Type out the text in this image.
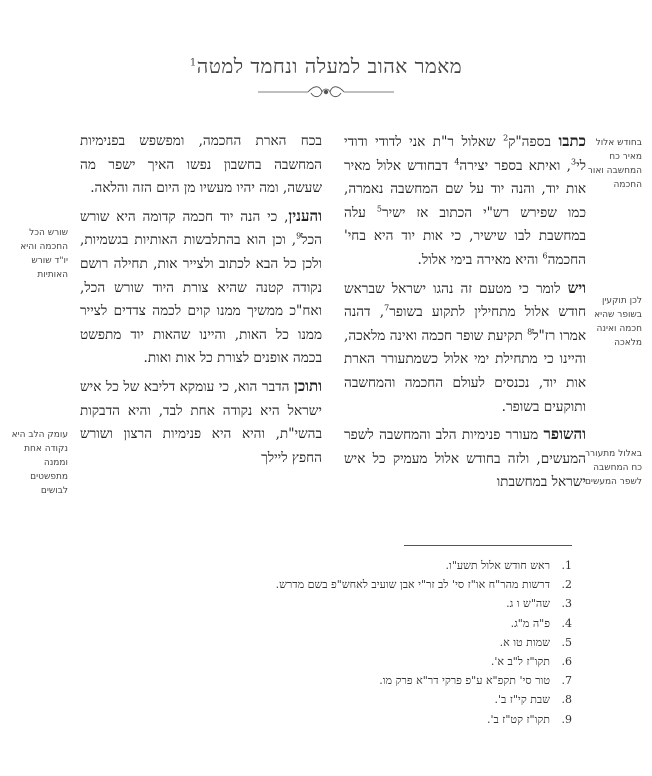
מאמר אהוב למעלה ונחמד למטה$^1$

כתבו בספה"ק$^2$ שאלול ר"ת אני לדודי ודודי לי$^3$, ואיתא בספר יצירה$^4$ דבחודש אלול מאיר אות יוד, והנה יוד על שם המחשבה נאמרה, כמו שפירש רש"י הכתוב אז ישיר$^5$ עלה במחשבת לבו שישיר, כי אות יוד היא בחי' החכמה$^6$ והיא מאירה בימי אלול.

ויש לומר כי מטעם זה נהגו ישראל שבראש חודש אלול מתחילין לתקוע בשופר$^7$, דהנה אמרו רז"ל$^8$ תקיעת שופר חכמה ואינה מלאכה, והיינו כי מתחילת ימי אלול כשמתעורר הארת אות יוד, נכנסים לעולם החכמה והמחשבה ותוקעים בשופר.

והשופר מעורר פנימיות הלב והמחשבה לשפר המעשים, ולזה בחודש אלול מעמיק כל איש ישראל במחשבתו

בכח הארת החכמה, ומפשפש בפנימיות המחשבה בחשבון נפשו האיך ישפר מה שעשה, ומה יהיו מעשיו מן היום הזה והלאה.

והענין, כי הנה יוד חכמה קדומה היא שורש הכל$^9$, וכן הוא בהתלבשות האותיות בגשמיות, ולכן כל הבא לכתוב ולצייר אות, תחילה רושם נקודה קטנה שהיא צורת היוד שורש הכל, ואח"כ ממשיך ממנו קוים לכמה צדדים לצייר ממנו כל האות, והיינו שהאות יוד מתפשט בכמה אופנים לצורת כל אות ואות.

ותוכן הדבר הוא, כי עומקא דליבא של כל איש ישראל היא נקודה אחת לבד, והיא הדבקות בהשי"ת, והיא היא פנימיות הרצון ושורש החפץ ליילך

בחודש אלול מאיר כח המחשבה ואור החכמה
לכן תוקעין בשופר שהיא חכמה ואינה מלאכה
באלול מתעורר כח המחשבה לשפר המעשים
שורש הכל החכמה והיא יו"ד שורש האותיות
עומק הלב היא נקודה אחת וממנה מתפשטים לבושים
1.ראש חודש אלול תשע"ו.
2.דרשות מהר"ח או"ז סי' לב זר"י אבן שועיב לאחש"פ בשם מדרש.
3.שה"ש ו ג.
4.פ"ה מ"ג.
5.שמות טו א.
6.תקו"ז ל"ב א'.
7.טור סי' תקפ"א ע"פ פרקי דר"א פרק מו.
8.שבת קי"ז ב'.
9.תקו"ז קט"ז ב'.
